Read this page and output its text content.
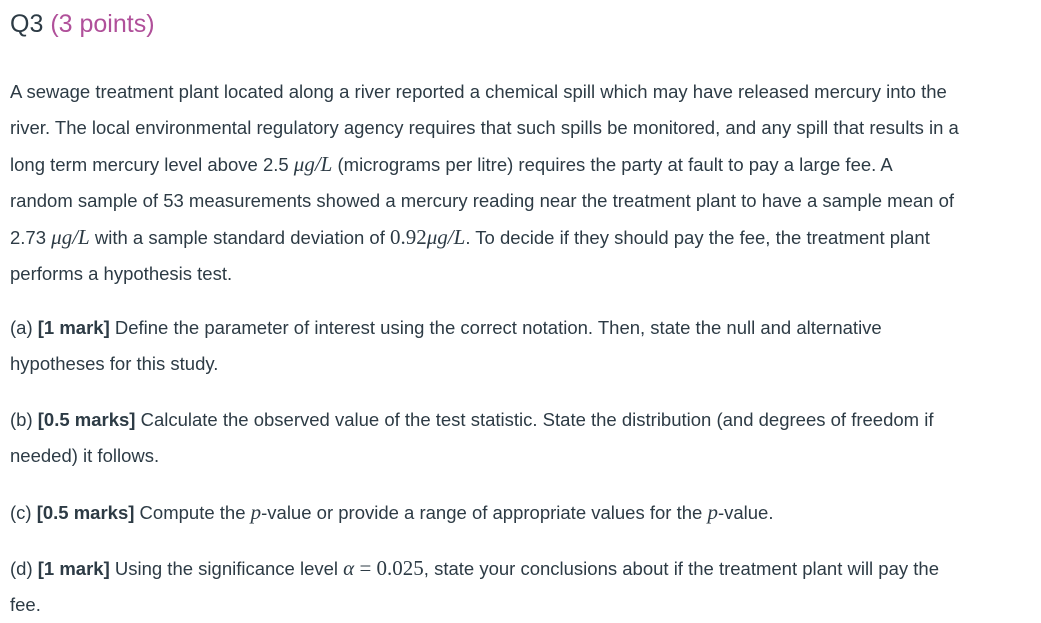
Q3 (3 points)

A sewage treatment plant located along a river reported a chemical spill which may have released mercury into the
river. The local environmental regulatory agency requires that such spills be monitored, and any spill that results in a
long term mercury level above 2.5 μg/L (micrograms per litre) requires the party at fault to pay a large fee. A
random sample of 53 measurements showed a mercury reading near the treatment plant to have a sample mean of
2.73 μg/L with a sample standard deviation of 0.92μg/L. To decide if they should pay the fee, the treatment plant
performs a hypothesis test.

(a) [1 mark] Define the parameter of interest using the correct notation. Then, state the null and alternative
hypotheses for this study.

(b) [0.5 marks] Calculate the observed value of the test statistic. State the distribution (and degrees of freedom if
needed) it follows.

(c) [0.5 marks] Compute the p-value or provide a range of appropriate values for the p-value.

(d) [1 mark] Using the significance level α = 0.025, state your conclusions about if the treatment plant will pay the
fee.
